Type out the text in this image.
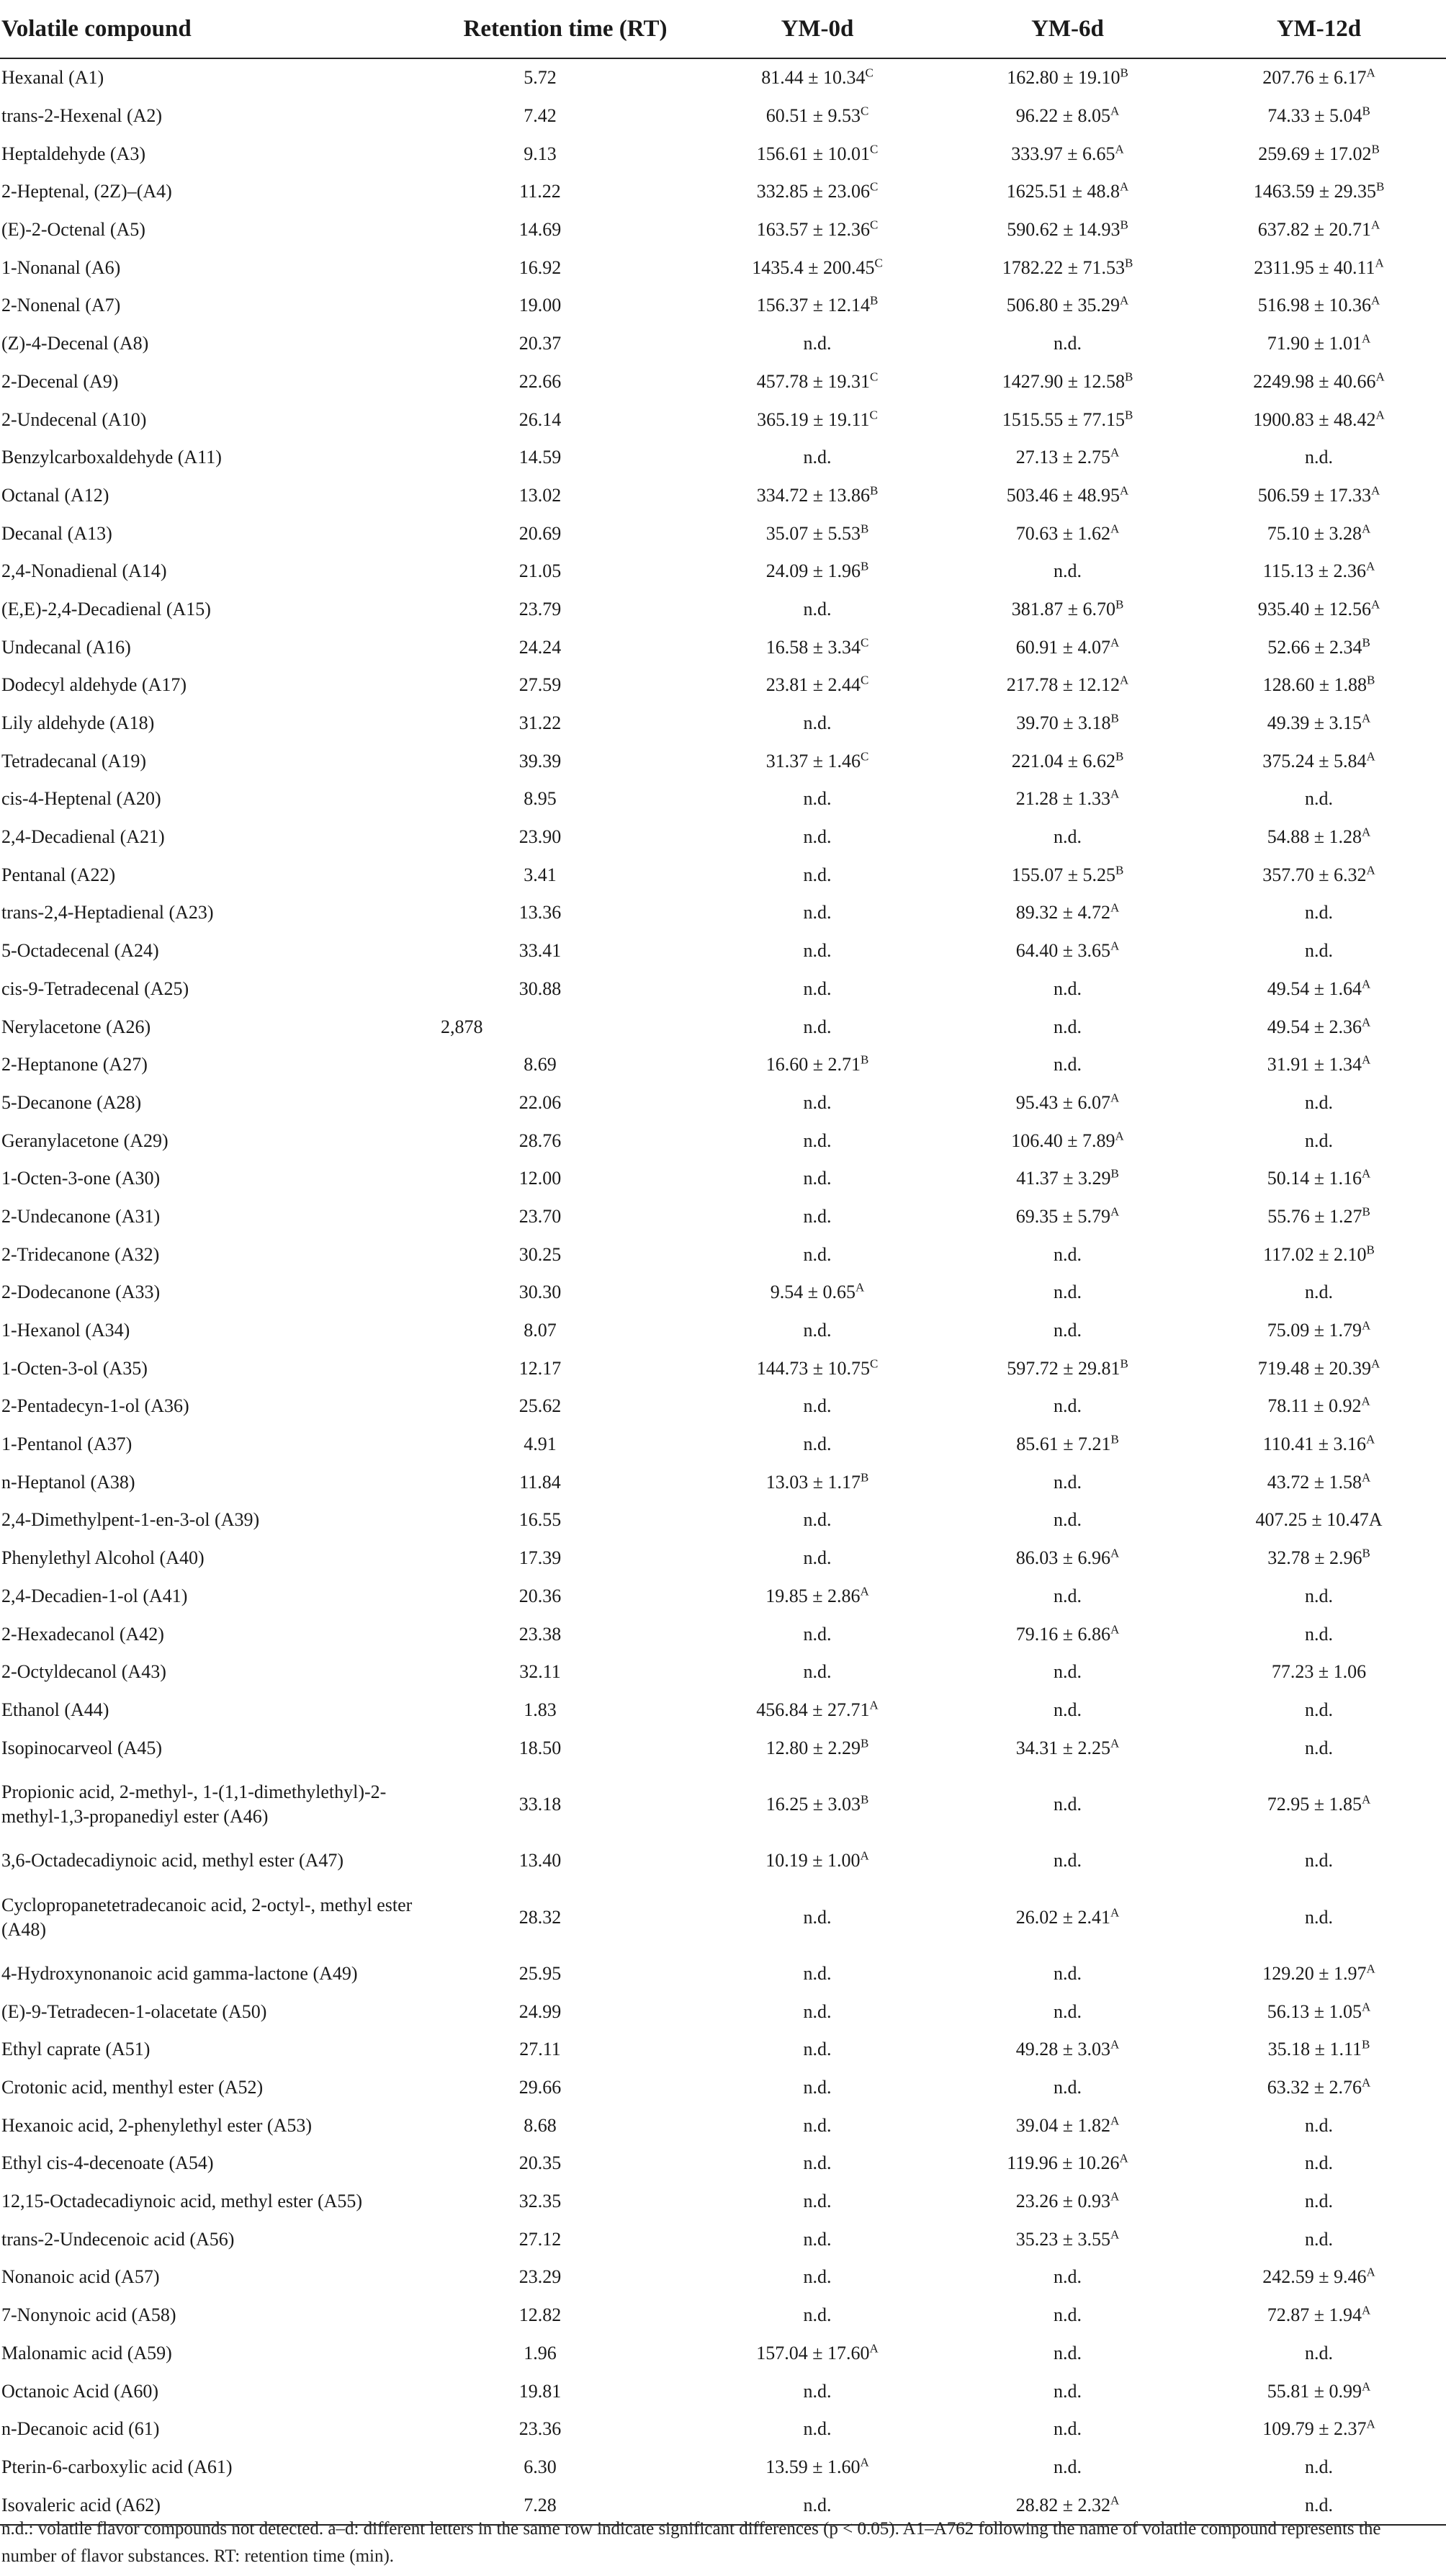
Volatile compound	Retention time (RT)	YM-0d	YM-6d	YM-12d
Hexanal (A1)	5.72	$81.44 \pm 10.34^C$	$162.80 \pm 19.10^B$	$207.76 \pm 6.17^A$
trans-2-Hexenal (A2)	7.42	$60.51 \pm 9.53^C$	$96.22 \pm 8.05^A$	$74.33 \pm 5.04^B$
Heptaldehyde (A3)	9.13	$156.61 \pm 10.01^C$	$333.97 \pm 6.65^A$	$259.69 \pm 17.02^B$
2-Heptenal, (2Z)–(A4)	11.22	$332.85 \pm 23.06^C$	$1625.51 \pm 48.8^A$	$1463.59 \pm 29.35^B$
(E)-2-Octenal (A5)	14.69	$163.57 \pm 12.36^C$	$590.62 \pm 14.93^B$	$637.82 \pm 20.71^A$
1-Nonanal (A6)	16.92	$1435.4 \pm 200.45^C$	$1782.22 \pm 71.53^B$	$2311.95 \pm 40.11^A$
2-Nonenal (A7)	19.00	$156.37 \pm 12.14^B$	$506.80 \pm 35.29^A$	$516.98 \pm 10.36^A$
(Z)-4-Decenal (A8)	20.37	n.d.	n.d.	$71.90 \pm 1.01^A$
2-Decenal (A9)	22.66	$457.78 \pm 19.31^C$	$1427.90 \pm 12.58^B$	$2249.98 \pm 40.66^A$
2-Undecenal (A10)	26.14	$365.19 \pm 19.11^C$	$1515.55 \pm 77.15^B$	$1900.83 \pm 48.42^A$
Benzylcarboxaldehyde (A11)	14.59	n.d.	$27.13 \pm 2.75^A$	n.d.
Octanal (A12)	13.02	$334.72 \pm 13.86^B$	$503.46 \pm 48.95^A$	$506.59 \pm 17.33^A$
Decanal (A13)	20.69	$35.07 \pm 5.53^B$	$70.63 \pm 1.62^A$	$75.10 \pm 3.28^A$
2,4-Nonadienal (A14)	21.05	$24.09 \pm 1.96^B$	n.d.	$115.13 \pm 2.36^A$
(E,E)-2,4-Decadienal (A15)	23.79	n.d.	$381.87 \pm 6.70^B$	$935.40 \pm 12.56^A$
Undecanal (A16)	24.24	$16.58 \pm 3.34^C$	$60.91 \pm 4.07^A$	$52.66 \pm 2.34^B$
Dodecyl aldehyde (A17)	27.59	$23.81 \pm 2.44^C$	$217.78 \pm 12.12^A$	$128.60 \pm 1.88^B$
Lily aldehyde (A18)	31.22	n.d.	$39.70 \pm 3.18^B$	$49.39 \pm 3.15^A$
Tetradecanal (A19)	39.39	$31.37 \pm 1.46^C$	$221.04 \pm 6.62^B$	$375.24 \pm 5.84^A$
cis-4-Heptenal (A20)	8.95	n.d.	$21.28 \pm 1.33^A$	n.d.
2,4-Decadienal (A21)	23.90	n.d.	n.d.	$54.88 \pm 1.28^A$
Pentanal (A22)	3.41	n.d.	$155.07 \pm 5.25^B$	$357.70 \pm 6.32^A$
trans-2,4-Heptadienal (A23)	13.36	n.d.	$89.32 \pm 4.72^A$	n.d.
5-Octadecenal (A24)	33.41	n.d.	$64.40 \pm 3.65^A$	n.d.
cis-9-Tetradecenal (A25)	30.88	n.d.	n.d.	$49.54 \pm 1.64^A$
Nerylacetone (A26)	2,878	n.d.	n.d.	$49.54 \pm 2.36^A$
2-Heptanone (A27)	8.69	$16.60 \pm 2.71^B$	n.d.	$31.91 \pm 1.34^A$
5-Decanone (A28)	22.06	n.d.	$95.43 \pm 6.07^A$	n.d.
Geranylacetone (A29)	28.76	n.d.	$106.40 \pm 7.89^A$	n.d.
1-Octen-3-one (A30)	12.00	n.d.	$41.37 \pm 3.29^B$	$50.14 \pm 1.16^A$
2-Undecanone (A31)	23.70	n.d.	$69.35 \pm 5.79^A$	$55.76 \pm 1.27^B$
2-Tridecanone (A32)	30.25	n.d.	n.d.	$117.02 \pm 2.10^B$
2-Dodecanone (A33)	30.30	$9.54 \pm 0.65^A$	n.d.	n.d.
1-Hexanol (A34)	8.07	n.d.	n.d.	$75.09 \pm 1.79^A$
1-Octen-3-ol (A35)	12.17	$144.73 \pm 10.75^C$	$597.72 \pm 29.81^B$	$719.48 \pm 20.39^A$
2-Pentadecyn-1-ol (A36)	25.62	n.d.	n.d.	$78.11 \pm 0.92^A$
1-Pentanol (A37)	4.91	n.d.	$85.61 \pm 7.21^B$	$110.41 \pm 3.16^A$
n-Heptanol (A38)	11.84	$13.03 \pm 1.17^B$	n.d.	$43.72 \pm 1.58^A$
2,4-Dimethylpent-1-en-3-ol (A39)	16.55	n.d.	n.d.	407.25 ± 10.47A
Phenylethyl Alcohol (A40)	17.39	n.d.	$86.03 \pm 6.96^A$	$32.78 \pm 2.96^B$
2,4-Decadien-1-ol (A41)	20.36	$19.85 \pm 2.86^A$	n.d.	n.d.
2-Hexadecanol (A42)	23.38	n.d.	$79.16 \pm 6.86^A$	n.d.
2-Octyldecanol (A43)	32.11	n.d.	n.d.	77.23 ± 1.06
Ethanol (A44)	1.83	$456.84 \pm 27.71^A$	n.d.	n.d.
Isopinocarveol (A45)	18.50	$12.80 \pm 2.29^B$	$34.31 \pm 2.25^A$	n.d.
Propionic acid, 2-methyl-, 1-(1,1-dimethylethyl)-2-methyl-1,3-propanediyl ester (A46)	33.18	$16.25 \pm 3.03^B$	n.d.	$72.95 \pm 1.85^A$
3,6-Octadecadiynoic acid, methyl ester (A47)	13.40	$10.19 \pm 1.00^A$	n.d.	n.d.
Cyclopropanetetradecanoic acid, 2-octyl-, methyl ester (A48)	28.32	n.d.	$26.02 \pm 2.41^A$	n.d.
4-Hydroxynonanoic acid gamma-lactone (A49)	25.95	n.d.	n.d.	$129.20 \pm 1.97^A$
(E)-9-Tetradecen-1-olacetate (A50)	24.99	n.d.	n.d.	$56.13 \pm 1.05^A$
Ethyl caprate (A51)	27.11	n.d.	$49.28 \pm 3.03^A$	$35.18 \pm 1.11^B$
Crotonic acid, menthyl ester (A52)	29.66	n.d.	n.d.	$63.32 \pm 2.76^A$
Hexanoic acid, 2-phenylethyl ester (A53)	8.68	n.d.	$39.04 \pm 1.82^A$	n.d.
Ethyl cis-4-decenoate (A54)	20.35	n.d.	$119.96 \pm 10.26^A$	n.d.
12,15-Octadecadiynoic acid, methyl ester (A55)	32.35	n.d.	$23.26 \pm 0.93^A$	n.d.
trans-2-Undecenoic acid (A56)	27.12	n.d.	$35.23 \pm 3.55^A$	n.d.
Nonanoic acid (A57)	23.29	n.d.	n.d.	$242.59 \pm 9.46^A$
7-Nonynoic acid (A58)	12.82	n.d.	n.d.	$72.87 \pm 1.94^A$
Malonamic acid (A59)	1.96	$157.04 \pm 17.60^A$	n.d.	n.d.
Octanoic Acid (A60)	19.81	n.d.	n.d.	$55.81 \pm 0.99^A$
n-Decanoic acid (61)	23.36	n.d.	n.d.	$109.79 \pm 2.37^A$
Pterin-6-carboxylic acid (A61)	6.30	$13.59 \pm 1.60^A$	n.d.	n.d.
Isovaleric acid (A62)	7.28	n.d.	$28.82 \pm 2.32^A$	n.d.
n.d.: volatile flavor compounds not detected. a–d: different letters in the same row indicate significant differences (p < 0.05). A1–A762 following the name of volatile compound represents the number of flavor substances. RT: retention time (min).
